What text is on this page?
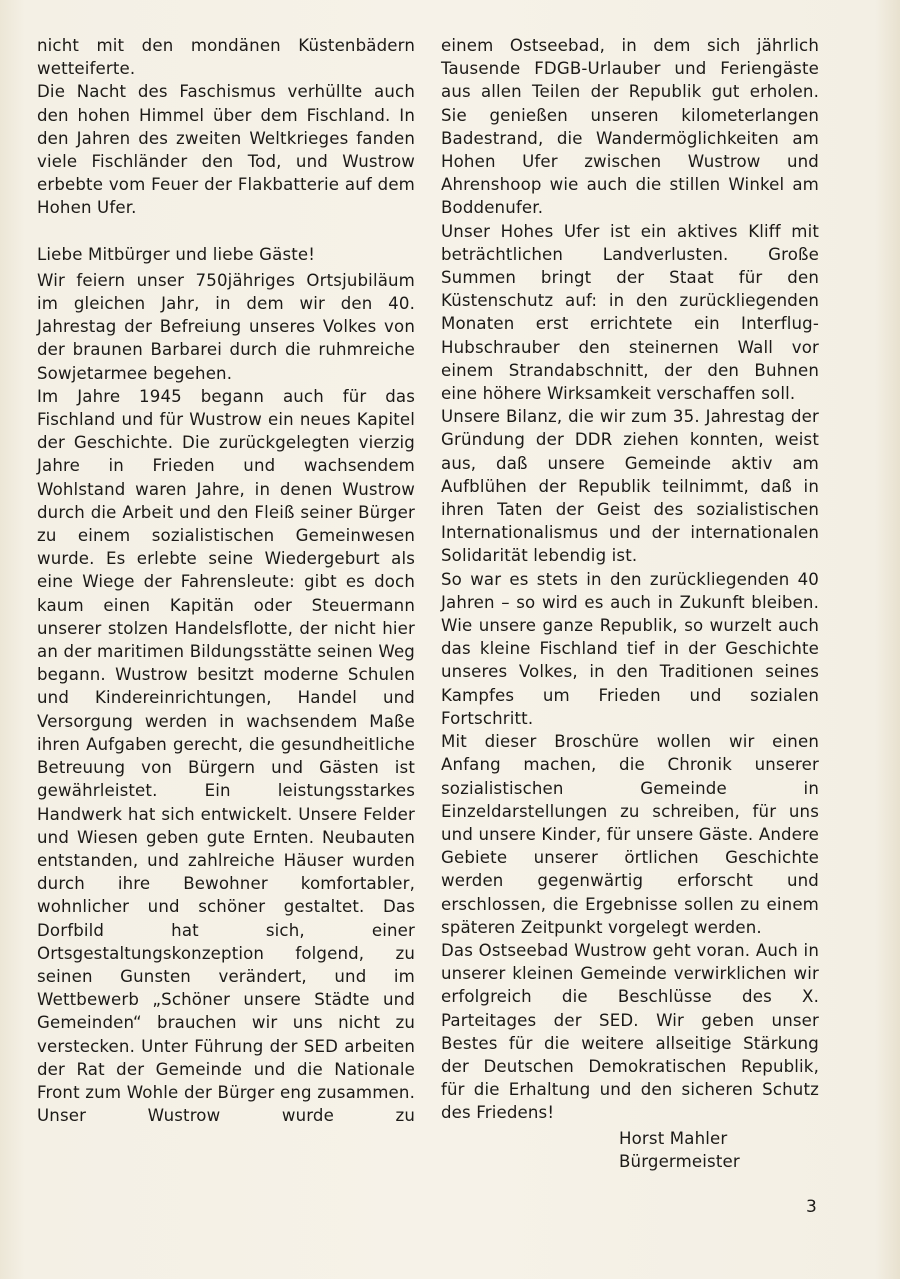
nicht mit den mondänen Küstenbädern wetteiferte.

Die Nacht des Faschismus verhüllte auch den hohen Himmel über dem Fischland. In den Jahren des zweiten Weltkrieges fanden viele Fischländer den Tod, und Wustrow erbebte vom Feuer der Flakbatterie auf dem Hohen Ufer.

Liebe Mitbürger und liebe Gäste!

Wir feiern unser 750jähriges Ortsjubiläum im gleichen Jahr, in dem wir den 40. Jahrestag der Befreiung unseres Volkes von der braunen Barbarei durch die ruhmreiche Sowjetarmee begehen.

Im Jahre 1945 begann auch für das Fischland und für Wustrow ein neues Kapitel der Geschichte. Die zurückgelegten vierzig Jahre in Frieden und wachsendem Wohlstand waren Jahre, in denen Wustrow durch die Arbeit und den Fleiß seiner Bürger zu einem sozialistischen Gemeinwesen wurde. Es erlebte seine Wiedergeburt als eine Wiege der Fahrensleute: gibt es doch kaum einen Kapitän oder Steuermann unserer stolzen Handelsflotte, der nicht hier an der maritimen Bildungsstätte seinen Weg begann. Wustrow besitzt moderne Schulen und Kindereinrichtungen, Handel und Versorgung werden in wachsendem Maße ihren Aufgaben gerecht, die gesundheitliche Betreuung von Bürgern und Gästen ist gewährleistet. Ein leistungsstarkes Handwerk hat sich entwickelt. Unsere Felder und Wiesen geben gute Ernten. Neubauten entstanden, und zahlreiche Häuser wurden durch ihre Bewohner komfortabler, wohnlicher und schöner gestaltet. Das Dorfbild hat sich, einer Ortsgestaltungskonzeption folgend, zu seinen Gunsten verändert, und im Wettbewerb „Schöner unsere Städte und Gemeinden“ brauchen wir uns nicht zu verstecken. Unter Führung der SED arbeiten der Rat der Gemeinde und die Nationale Front zum Wohle der Bürger eng zusammen. Unser Wustrow wurde zu

einem Ostseebad, in dem sich jährlich Tausende FDGB-Urlauber und Feriengäste aus allen Teilen der Republik gut erholen. Sie genießen unseren kilometerlangen Badestrand, die Wandermöglichkeiten am Hohen Ufer zwischen Wustrow und Ahrenshoop wie auch die stillen Winkel am Boddenufer.

Unser Hohes Ufer ist ein aktives Kliff mit beträchtlichen Landverlusten. Große Summen bringt der Staat für den Küstenschutz auf: in den zurückliegenden Monaten erst errichtete ein Interflug-Hubschrauber den steinernen Wall vor einem Strandabschnitt, der den Buhnen eine höhere Wirksamkeit verschaffen soll.

Unsere Bilanz, die wir zum 35. Jahrestag der Gründung der DDR ziehen konnten, weist aus, daß unsere Gemeinde aktiv am Aufblühen der Republik teilnimmt, daß in ihren Taten der Geist des sozialistischen Internationalismus und der internationalen Solidarität lebendig ist.

So war es stets in den zurückliegenden 40 Jahren – so wird es auch in Zukunft bleiben. Wie unsere ganze Republik, so wurzelt auch das kleine Fischland tief in der Geschichte unseres Volkes, in den Traditionen seines Kampfes um Frieden und sozialen Fortschritt.

Mit dieser Broschüre wollen wir einen Anfang machen, die Chronik unserer sozialistischen Gemeinde in Einzeldarstellungen zu schreiben, für uns und unsere Kinder, für unsere Gäste. Andere Gebiete unserer örtlichen Geschichte werden gegenwärtig erforscht und erschlossen, die Ergebnisse sollen zu einem späteren Zeitpunkt vorgelegt werden.

Das Ostseebad Wustrow geht voran. Auch in unserer kleinen Gemeinde verwirklichen wir erfolgreich die Beschlüsse des X. Parteitages der SED. Wir geben unser Bestes für die weitere allseitige Stärkung der Deutschen Demokratischen Republik, für die Erhaltung und den sicheren Schutz des Friedens!

Horst Mahler
Bürgermeister
3
